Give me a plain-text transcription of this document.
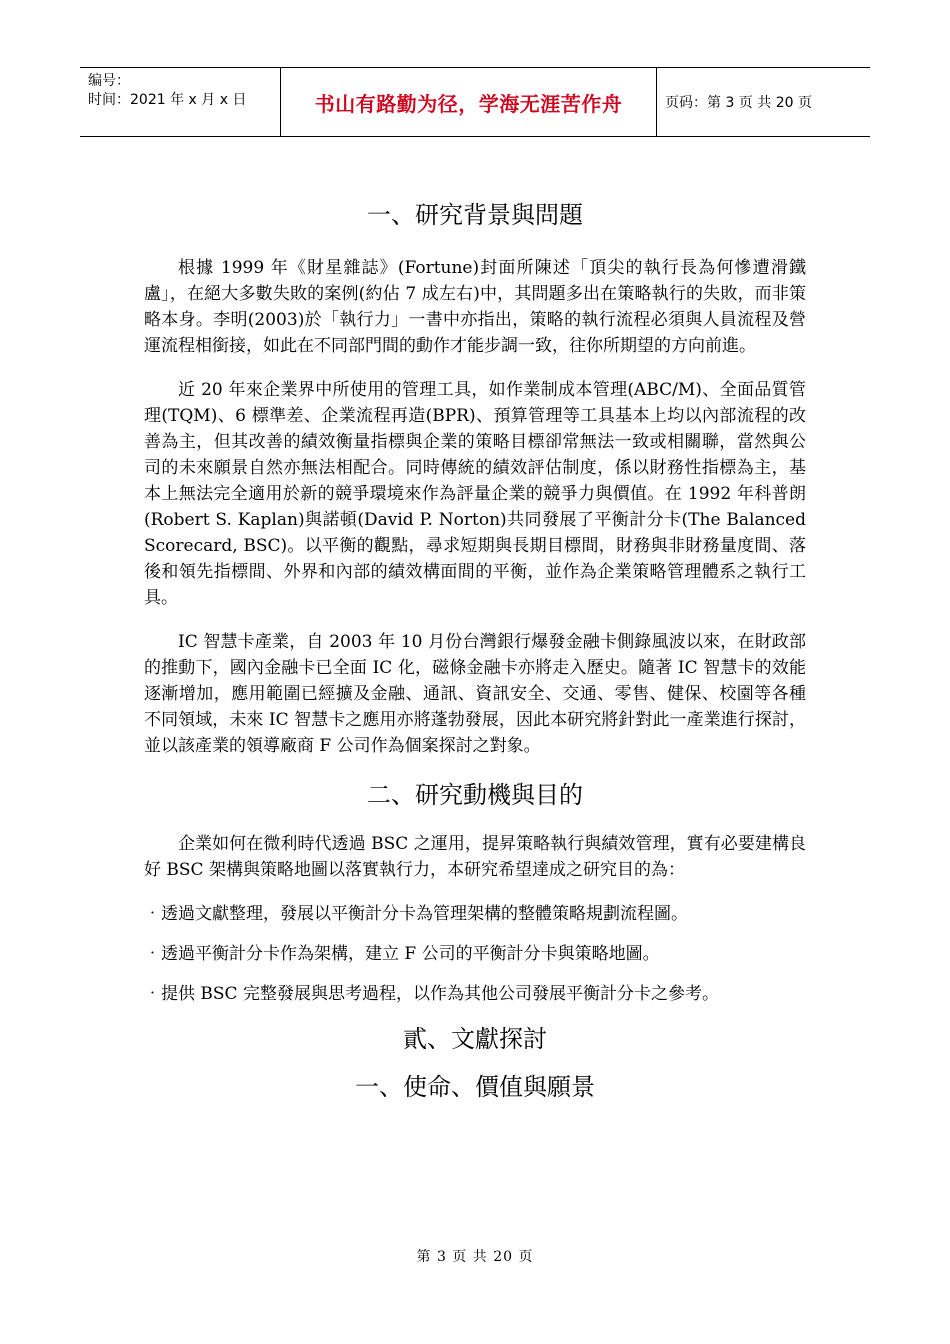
编号：
时间：2021 年 x 月 x 日	书山有路勤为径，学海无涯苦作舟	页码：第 3 页 共 20 页
一、研究背景與問題

根據 1999 年《財星雜誌》(Fortune)封面所陳述「頂尖的執行長為何慘遭滑鐵盧」，在絕大多數失敗的案例(約佔 7 成左右)中，其問題多出在策略執行的失敗，而非策略本身。李明(2003)於「執行力」一書中亦指出，策略的執行流程必須與人員流程及營運流程相銜接，如此在不同部門間的動作才能步調一致，往你所期望的方向前進。

近 20 年來企業界中所使用的管理工具，如作業制成本管理(ABC/M)、全面品質管理(TQM)、6 標準差、企業流程再造(BPR)、預算管理等工具基本上均以內部流程的改善為主，但其改善的績效衡量指標與企業的策略目標卻常無法一致或相關聯，當然與公司的未來願景自然亦無法相配合。同時傳統的績效評估制度，係以財務性指標為主，基本上無法完全適用於新的競爭環境來作為評量企業的競爭力與價值。在 1992 年科普朗(Robert S. Kaplan)與諾頓(David P. Norton)共同發展了平衡計分卡(The Balanced Scorecard, BSC)。以平衡的觀點，尋求短期與長期目標間，財務與非財務量度間、落後和領先指標間、外界和內部的績效構面間的平衡，並作為企業策略管理體系之執行工具。

IC 智慧卡產業，自 2003 年 10 月份台灣銀行爆發金融卡側錄風波以來，在財政部的推動下，國內金融卡已全面 IC 化，磁條金融卡亦將走入歷史。隨著 IC 智慧卡的效能逐漸增加，應用範圍已經擴及金融、通訊、資訊安全、交通、零售、健保、校園等各種不同領域，未來 IC 智慧卡之應用亦將蓬勃發展，因此本研究將針對此一產業進行探討，並以該產業的領導廠商 F 公司作為個案探討之對象。

二、研究動機與目的

企業如何在微利時代透過 BSC 之運用，提昇策略執行與績效管理，實有必要建構良好 BSC 架構與策略地圖以落實執行力，本研究希望達成之研究目的為：

‧透過文獻整理，發展以平衡計分卡為管理架構的整體策略規劃流程圖。

‧透過平衡計分卡作為架構，建立 F 公司的平衡計分卡與策略地圖。

‧提供 BSC 完整發展與思考過程，以作為其他公司發展平衡計分卡之參考。

貳、文獻探討
一、使命、價值與願景
第 3 页 共 20 页
